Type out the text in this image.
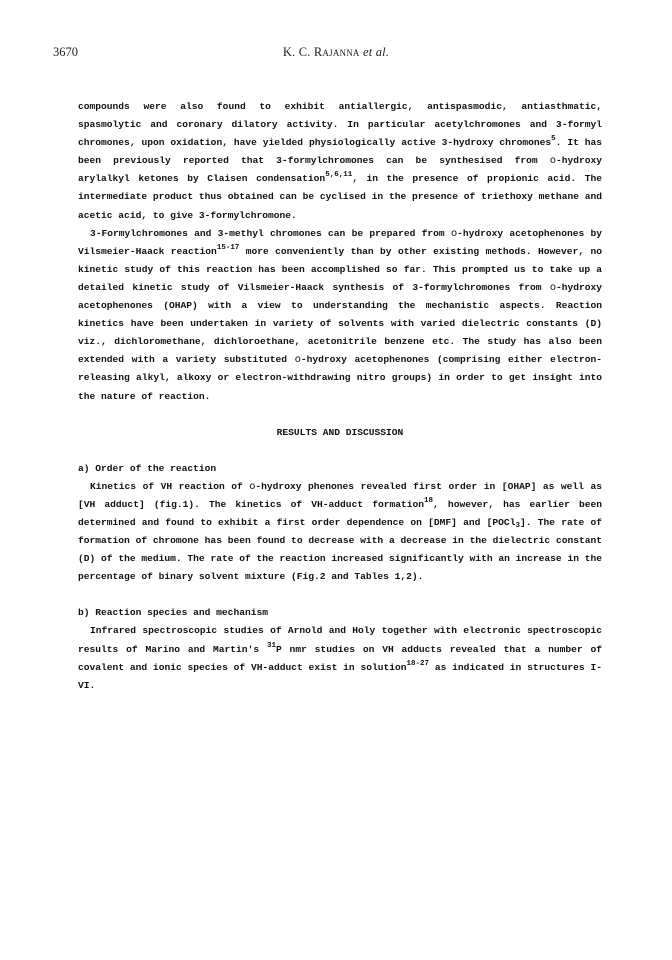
3670	K. C. Rajanna et al.

compounds were also found to exhibit antiallergic, antispasmodic, antiasthmatic, spasmolytic and coronary dilatory activity. In particular acetylchromones and 3-formyl chromones, upon oxidation, have yielded physiologically active 3-hydroxy chromones$^5$. It has been previously reported that 3-formylchromones can be synthesised from o-hydroxy arylalkyl ketones by Claisen condensation$^{5,6,11}$, in the presence of propionic acid. The intermediate product thus obtained can be cyclised in the presence of triethoxy methane and acetic acid, to give 3-formylchromone.

3-Formylchromones and 3-methyl chromones can be prepared from o-hydroxy acetophenones by Vilsmeier-Haack reaction$^{15-17}$ more conveniently than by other existing methods. However, no kinetic study of this reaction has been accomplished so far. This prompted us to take up a detailed kinetic study of Vilsmeier-Haack synthesis of 3-formylchromones from o-hydroxy acetophenones (OHAP) with a view to understanding the mechanistic aspects. Reaction kinetics have been undertaken in variety of solvents with varied dielectric constants (D) viz., dichloromethane, dichloroethane, acetonitrile benzene etc. The study has also been extended with a variety substituted o-hydroxy acetophenones (comprising either electron-releasing alkyl, alkoxy or electron-withdrawing nitro groups) in order to get insight into the nature of reaction.

RESULTS AND DISCUSSION

a) Order of the reaction

Kinetics of VH reaction of o-hydroxy phenones revealed first order in [OHAP] as well as [VH adduct] (fig.1). The kinetics of VH-adduct formation$^{18}$, however, has earlier been determined and found to exhibit a first order dependence on [DMF] and [POCl$_3$]. The rate of formation of chromone has been found to decrease with a decrease in the dielectric constant (D) of the medium. The rate of the reaction increased significantly with an increase in the percentage of binary solvent mixture (Fig.2 and Tables 1,2).

b) Reaction species and mechanism

Infrared spectroscopic studies of Arnold and Holy together with electronic spectroscopic results of Marino and Martin's $^{31}$P nmr studies on VH adducts revealed that a number of covalent and ionic species of VH-adduct exist in solution$^{18-27}$ as indicated in structures I-VI.
